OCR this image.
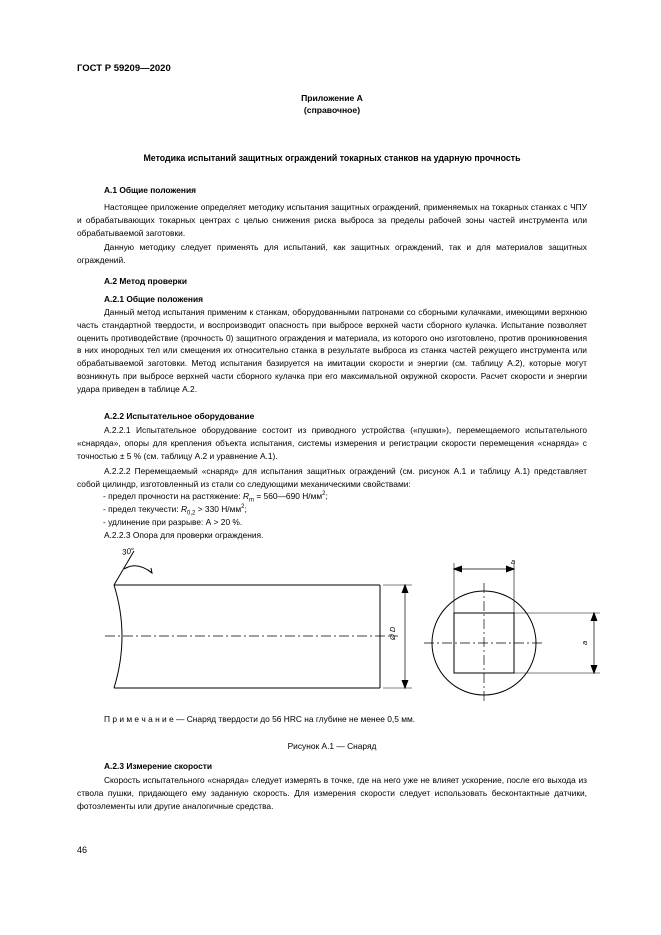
ГОСТ Р 59209—2020
Приложение А
(справочное)
Методика испытаний защитных ограждений токарных станков на ударную прочность
А.1 Общие положения
Настоящее приложение определяет методику испытания защитных ограждений, применяемых на токарных станках с ЧПУ и обрабатывающих токарных центрах с целью снижения риска выброса за пределы рабочей зоны частей инструмента или обрабатываемой заготовки.
Данную методику следует применять для испытаний, как защитных ограждений, так и для материалов защитных ограждений.
А.2 Метод проверки
А.2.1 Общие положения
Данный метод испытания применим к станкам, оборудованными патронами со сборными кулачками, имеющими верхнюю часть стандартной твердости, и воспроизводит опасность при выбросе верхней части сборного кулачка. Испытание позволяет оценить противодействие (прочность 0) защитного ограждения и материала, из которого оно изготовлено, против проникновения в них инородных тел или смещения их относительно станка в результате выброса из станка частей режущего инструмента или обрабатываемой заготовки. Метод испытания базируется на имитации скорости и энергии (см. таблицу А.2), которые могут возникнуть при выбросе верхней части сборного кулачка при его максимальной окружной скорости. Расчет скорости и энергии удара приведен в таблице А.2.
А.2.2 Испытательное оборудование
А.2.2.1 Испытательное оборудование состоит из приводного устройства («пушки»), перемещаемого испытательного «снаряда», опоры для крепления объекта испытания, системы измерения и регистрации скорости перемещения «снаряда» с точностью ± 5 % (см. таблицу А.2 и уравнение А.1).
А.2.2.2 Перемещаемый «снаряд» для испытания защитных ограждений (см. рисунок А.1 и таблицу А.1) представляет собой цилиндр, изготовленный из стали со следующими механическими свойствами:
- предел прочности на растяжение: $R_m$ = 560—690 $Н/мм^2$;
- предел текучести: $R_{0,2} > 330$ $Н/мм^2$;
- удлинение при разрыве: А > 20 %.
А.2.2.3 Опора для проверки ограждения.
30°
Ø D
a
a
П р и м е ч а н и е — Снаряд твердости до 56 HRC на глубине не менее 0,5 мм.
Рисунок А.1 — Снаряд
А.2.3 Измерение скорости
Скорость испытательного «снаряда» следует измерять в точке, где на него уже не влияет ускорение, после его выхода из ствола пушки, придающего ему заданную скорость. Для измерения скорости следует использовать бесконтактные датчики, фотоэлементы или другие аналогичные средства.
46
